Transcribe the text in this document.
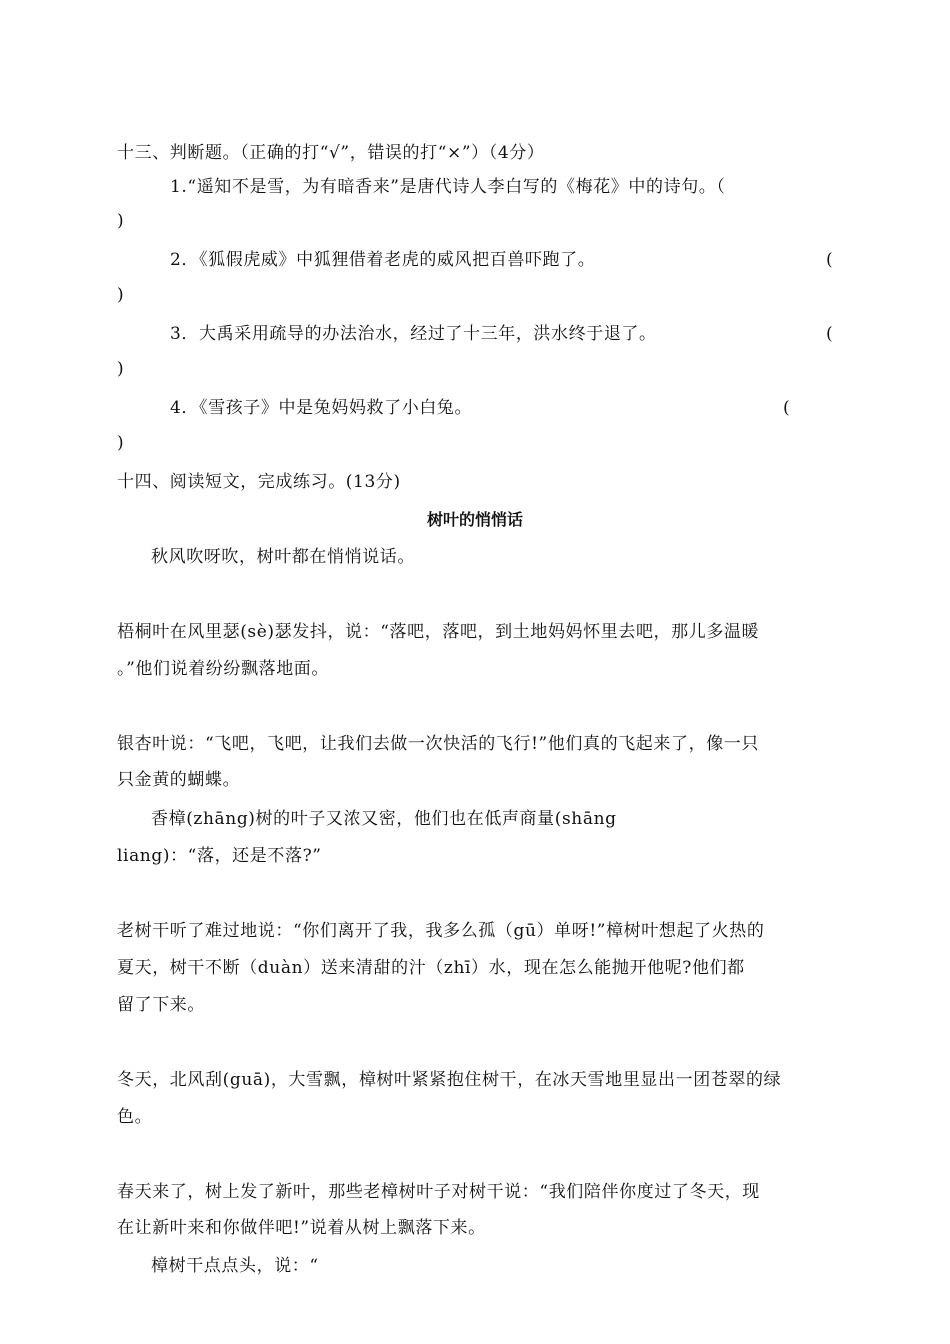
十三、判断题。（正确的打“√”，错误的打“×”）（4分）

1.“遥知不是雪，为有暗香来”是唐代诗人李白写的《梅花》中的诗句。（

)

2．《狐假虎威》中狐狸借着老虎的威风把百兽吓跑了。	(

)

3．大禹采用疏导的办法治水，经过了十三年，洪水终于退了。	(

)

4．《雪孩子》中是兔妈妈救了小白兔。	(

)

十四、阅读短文，完成练习。(13分)

树叶的悄悄话

秋风吹呀吹，树叶都在悄悄说话。

梧桐叶在风里瑟(sè)瑟发抖，说：“落吧，落吧，到土地妈妈怀里去吧，那儿多温暖

。”他们说着纷纷飘落地面。

银杏叶说：“飞吧，飞吧，让我们去做一次快活的飞行!”他们真的飞起来了，像一只

只金黄的蝴蝶。

香樟(zhāng)树的叶子又浓又密，他们也在低声商量(shāng

liang)：“落，还是不落?”

老树干听了难过地说：“你们离开了我，我多么孤（gū）单呀!”樟树叶想起了火热的

夏天，树干不断（duàn）送来清甜的汁（zhī）水，现在怎么能抛开他呢?他们都

留了下来。

冬天，北风刮(guā)，大雪飘，樟树叶紧紧抱住树干，在冰天雪地里显出一团苍翠的绿

色。

春天来了，树上发了新叶，那些老樟树叶子对树干说：“我们陪伴你度过了冬天，现

在让新叶来和你做伴吧!”说着从树上飘落下来。

樟树干点点头，说：“
